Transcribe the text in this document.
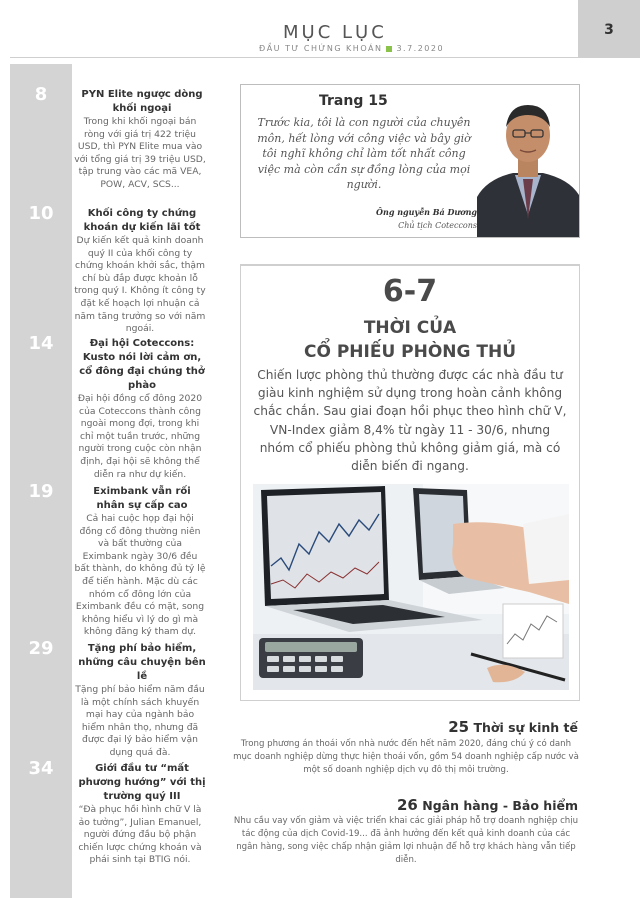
MỤC LỤC
ĐẦU TƯ CHỨNG KHOÁN 3.7.2020
3
8	PYN Elite ngược dòng khối ngoại
Trong khi khối ngoại bán ròng với giá trị 422 triệu USD, thì PYN Elite mua vào với tổng giá trị 39 triệu USD, tập trung vào các mã VEA, POW, ACV, SCS...
10	Khối công ty chứng khoán dự kiến lãi tốt
Dự kiến kết quả kinh doanh quý II của khối công ty chứng khoán khởi sắc, thậm chí bù đắp được khoản lỗ trong quý I. Không ít công ty đặt kế hoạch lợi nhuận cả năm tăng trưởng so với năm ngoái.
14	Đại hội Coteccons: Kusto nói lời cảm ơn, cổ đông đại chúng thở phào
Đại hội đồng cổ đông 2020 của Coteccons thành công ngoài mong đợi, trong khi chỉ một tuần trước, những người trong cuộc còn nhận định, đại hội sẽ không thể diễn ra như dự kiến.
19	Eximbank vẫn rối nhân sự cấp cao
Cả hai cuộc họp đại hội đồng cổ đông thường niên và bất thường của Eximbank ngày 30/6 đều bất thành, do không đủ tỷ lệ để tiến hành. Mặc dù các nhóm cổ đông lớn của Eximbank đều có mặt, song không hiểu vì lý do gì mà không đăng ký tham dự.
29	Tặng phí bảo hiểm, những câu chuyện bên lề
Tặng phí bảo hiểm năm đầu là một chính sách khuyến mại hay của ngành bảo hiểm nhân thọ, nhưng đã được đại lý bảo hiểm vận dụng quá đà.
34	Giới đầu tư “mất phương hướng” với thị trường quý III
“Đà phục hồi hình chữ V là ảo tưởng”, Julian Emanuel, người đứng đầu bộ phận chiến lược chứng khoán và phái sinh tại BTIG nói.
Trang 15
Trước kia, tôi là con người của chuyên môn, hết lòng với công việc và bây giờ tôi nghĩ không chỉ làm tốt nhất công việc mà còn cần sự đồng lòng của mọi người.
Ông nguyễn Bá Dương
Chủ tịch Coteccons
6-7
THỜI CỦA
CỔ PHIẾU PHÒNG THỦ
Chiến lược phòng thủ thường được các nhà đầu tư giàu kinh nghiệm sử dụng trong hoàn cảnh không chắc chắn. Sau giai đoạn hồi phục theo hình chữ V, VN-Index giảm 8,4% từ ngày 11 - 30/6, nhưng nhóm cổ phiếu phòng thủ không giảm giá, mà có diễn biến đi ngang.
25 Thời sự kinh tế
Trong phương án thoái vốn nhà nước đến hết năm 2020, đáng chú ý có danh mục doanh nghiệp dừng thực hiện thoái vốn, gồm 54 doanh nghiệp cấp nước và một số doanh nghiệp dịch vụ đô thị môi trường.
26 Ngân hàng - Bảo hiểm
Nhu cầu vay vốn giảm và việc triển khai các giải pháp hỗ trợ doanh nghiệp chịu tác động của dịch Covid-19... đã ảnh hưởng đến kết quả kinh doanh của các ngân hàng, song việc chấp nhận giảm lợi nhuận để hỗ trợ khách hàng vẫn tiếp diễn.
